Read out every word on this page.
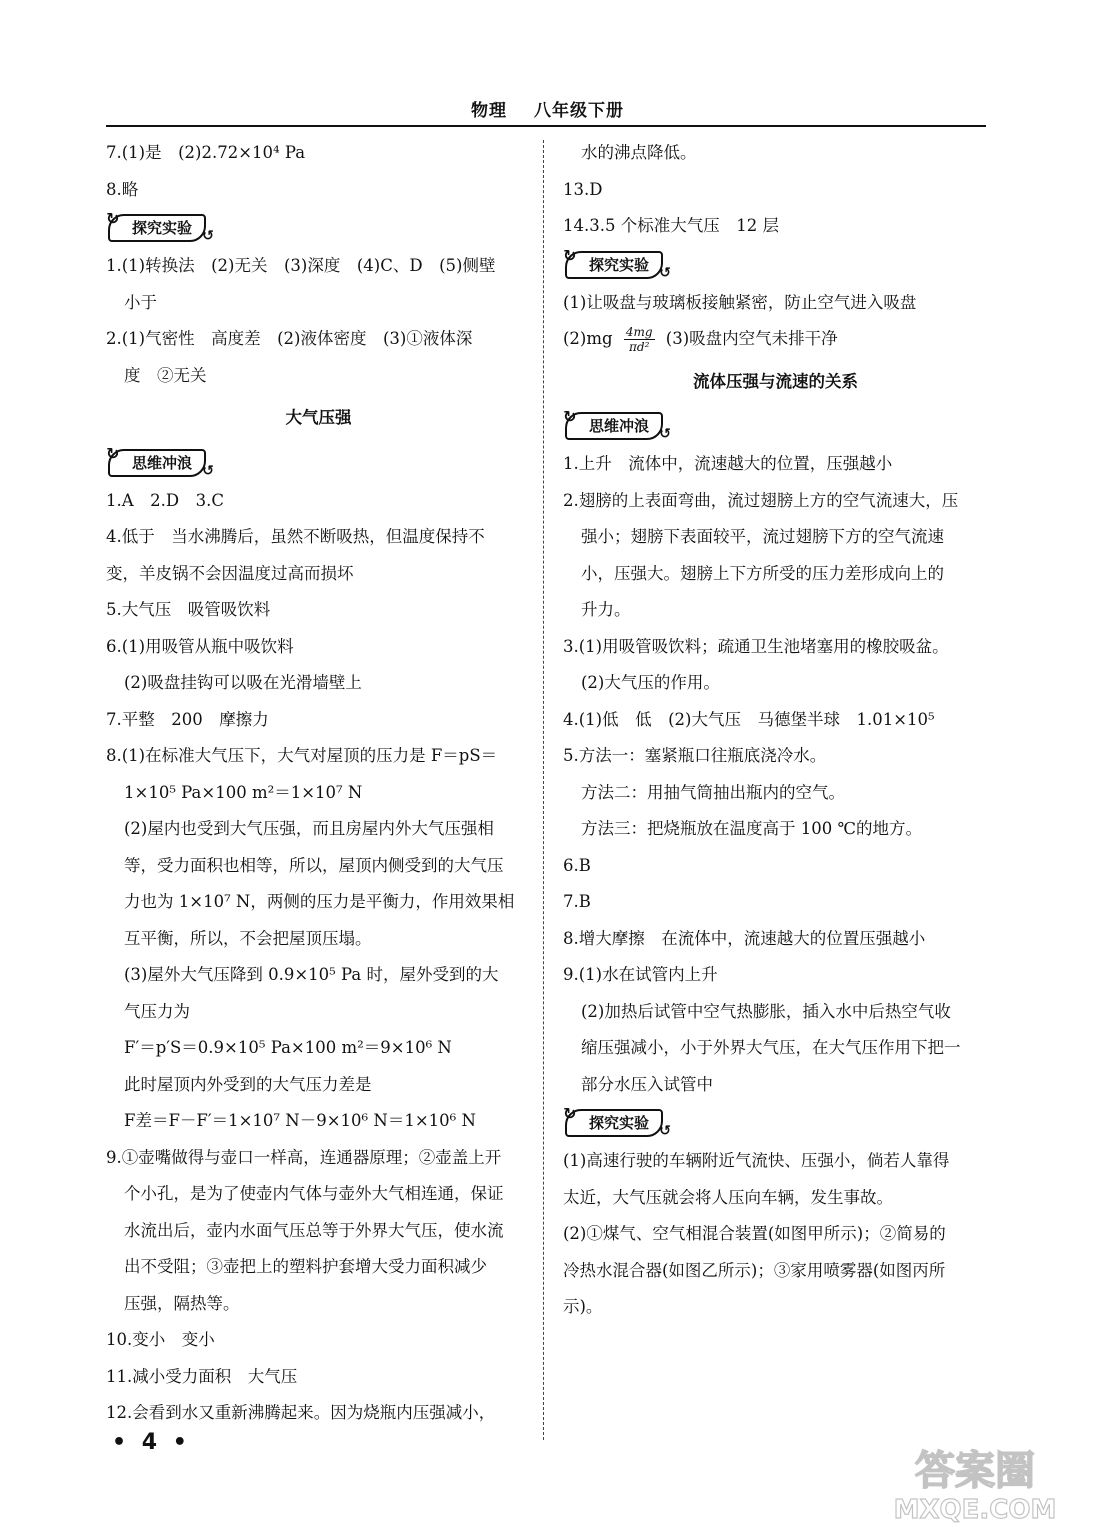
物理 八年级下册
7.(1)是　(2)2.72×10⁴ Pa
8.略
↻ 探究实验 ↺
1.(1)转换法　(2)无关　(3)深度　(4)C、D　(5)侧壁
小于
2.(1)气密性　高度差　(2)液体密度　(3)①液体深
度　②无关
大气压强
↻ 思维冲浪 ↺
1.A　2.D　3.C
4.低于　当水沸腾后，虽然不断吸热，但温度保持不
变，羊皮锅不会因温度过高而损坏
5.大气压　吸管吸饮料
6.(1)用吸管从瓶中吸饮料
(2)吸盘挂钩可以吸在光滑墙壁上
7.平整　200　摩擦力
8.(1)在标准大气压下，大气对屋顶的压力是 F＝pS＝
1×10⁵ Pa×100 m²＝1×10⁷ N
(2)屋内也受到大气压强，而且房屋内外大气压强相
等，受力面积也相等，所以，屋顶内侧受到的大气压
力也为 1×10⁷ N，两侧的压力是平衡力，作用效果相
互平衡，所以，不会把屋顶压塌。
(3)屋外大气压降到 0.9×10⁵ Pa 时，屋外受到的大
气压力为
F′＝p′S＝0.9×10⁵ Pa×100 m²＝9×10⁶ N
此时屋顶内外受到的大气压力差是
F差＝F－F′＝1×10⁷ N－9×10⁶ N＝1×10⁶ N
9.①壶嘴做得与壶口一样高，连通器原理；②壶盖上开
个小孔，是为了使壶内气体与壶外大气相连通，保证
水流出后，壶内水面气压总等于外界大气压，使水流
出不受阻；③壶把上的塑料护套增大受力面积减少
压强，隔热等。
10.变小　变小
11.减小受力面积　大气压
12.会看到水又重新沸腾起来。因为烧瓶内压强减小，
水的沸点降低。
13.D
14.3.5 个标准大气压　12 层
↻ 探究实验 ↺
(1)让吸盘与玻璃板接触紧密，防止空气进入吸盘
$(2)mg \frac{4mg}{\text{πd²}} (3)$吸盘内空气未排干净
流体压强与流速的关系
↻ 思维冲浪 ↺
1.上升　流体中，流速越大的位置，压强越小
2.翅膀的上表面弯曲，流过翅膀上方的空气流速大，压
强小；翅膀下表面较平，流过翅膀下方的空气流速
小，压强大。翅膀上下方所受的压力差形成向上的
升力。
3.(1)用吸管吸饮料；疏通卫生池堵塞用的橡胶吸盆。
(2)大气压的作用。
4.(1)低　低　(2)大气压　马德堡半球　1.01×10⁵
5.方法一：塞紧瓶口往瓶底浇冷水。
方法二：用抽气筒抽出瓶内的空气。
方法三：把烧瓶放在温度高于 100 ℃的地方。
6.B
7.B
8.增大摩擦　在流体中，流速越大的位置压强越小
9.(1)水在试管内上升
(2)加热后试管中空气热膨胀，插入水中后热空气收
缩压强减小，小于外界大气压，在大气压作用下把一
部分水压入试管中
↻ 探究实验 ↺
(1)高速行驶的车辆附近气流快、压强小，倘若人靠得
太近，大气压就会将人压向车辆，发生事故。
(2)①煤气、空气相混合装置(如图甲所示)；②简易的
冷热水混合器(如图乙所示)；③家用喷雾器(如图丙所
示)。
• 4 •
答案圈
MXQE.COM
